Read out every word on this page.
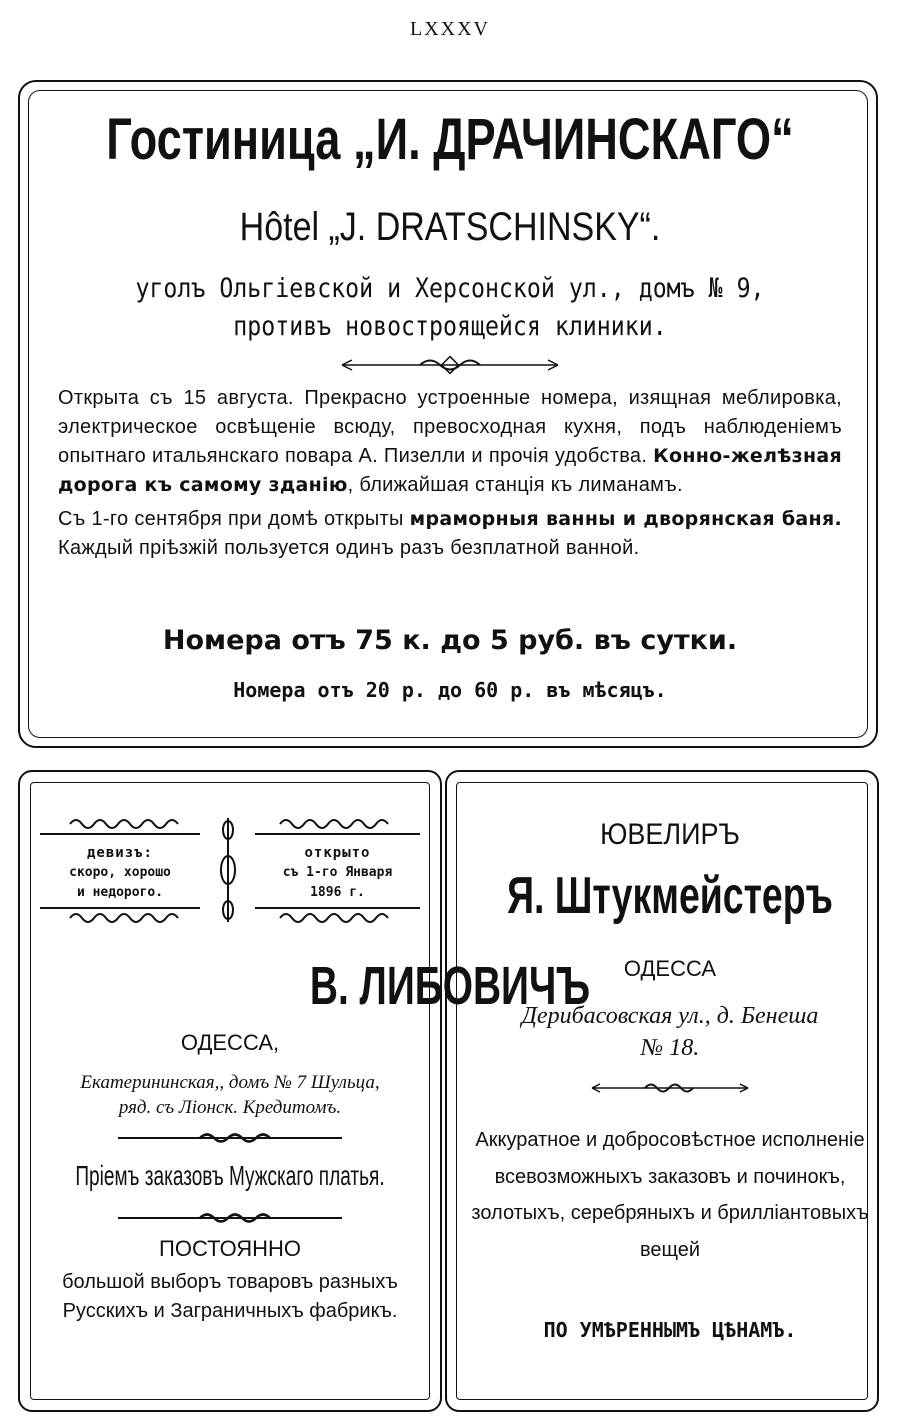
LXXXV
Гостиница „И. ДРАЧИНСКАГО“
Hôtel „J. DRATSCHINSKY“.
уголъ Ольгіевской и Херсонской ул., домъ № 9,
противъ новостроящейся клиники.
Открыта съ 15 августа. Прекрасно устроенные номера, изящная меблировка, электрическое освѣщеніе всюду, превосходная кухня, подъ наблюденіемъ опытнаго итальянскаго повара А. Пизелли и прочія удобства. Конно-желѣзная дорога къ самому зданію, ближайшая станція къ лиманамъ.
Съ 1-го сентября при домѣ открыты мраморныя ванны и дворянская баня. Каждый пріѣзжій пользуется одинъ разъ безплатной ванной.
Номера отъ 75 к. до 5 руб. въ сутки.
Номера отъ 20 р. до 60 р. въ мѣсяцъ.
девизъ:
скоро, хорошо
и недорого.
открыто
съ 1-го Января
1896 г.
В. ЛИБОВИЧЪ
ОДЕССА,
Екатерининская,, домъ № 7 Шульца,
ряд. съ Ліонск. Кредитомъ.
Пріемъ заказовъ Мужскаго платья.
ПОСТОЯННО
большой выборъ товаровъ разныхъ Русскихъ и Заграничныхъ фабрикъ.
ЮВЕЛИРЪ
Я. Штукмейстеръ
ОДЕССА
Дерибасовская ул., д. Бенеша
№ 18.
Аккуратное и добросовѣстное исполненіе всевозможныхъ заказовъ и починокъ, золотыхъ, серебряныхъ и брилліантовыхъ вещей
ПО УМѢРЕННЫМЪ ЦѢНАМЪ.
